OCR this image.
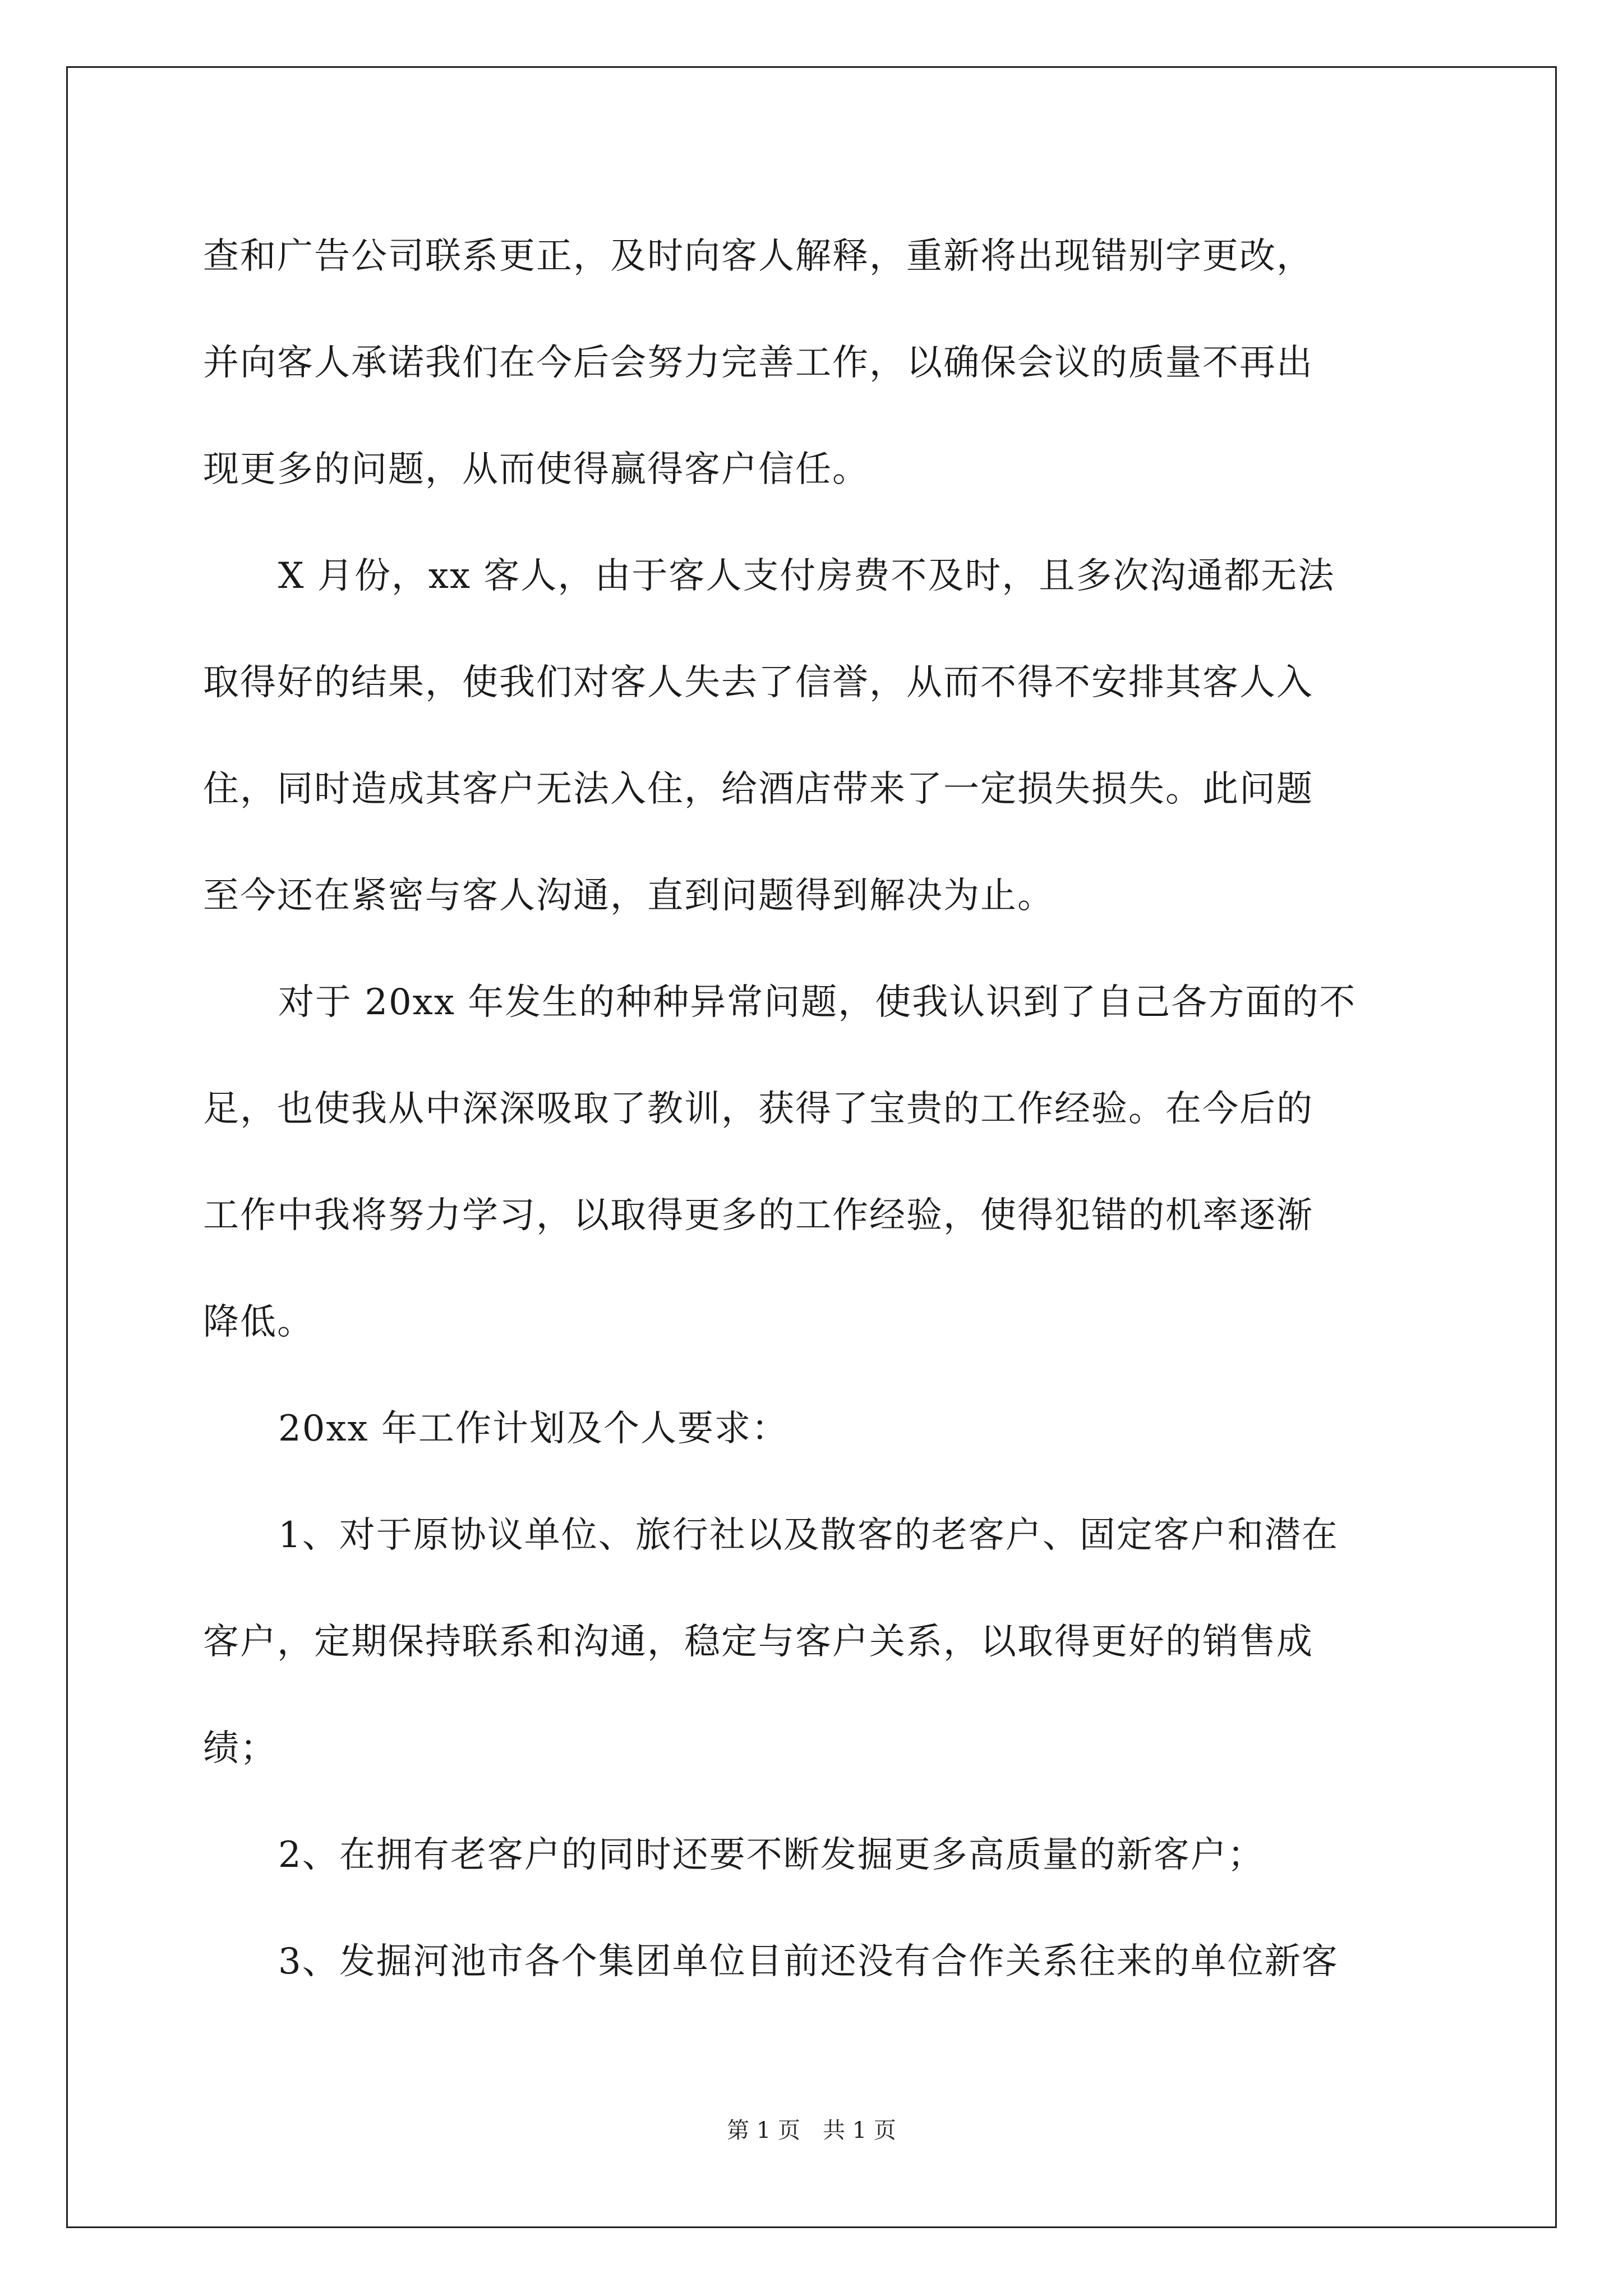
查和广告公司联系更正，及时向客人解释，重新将出现错别字更改，
并向客人承诺我们在今后会努力完善工作，以确保会议的质量不再出
现更多的问题，从而使得赢得客户信任。
X 月份，xx 客人，由于客人支付房费不及时，且多次沟通都无法
取得好的结果，使我们对客人失去了信誉，从而不得不安排其客人入
住，同时造成其客户无法入住，给酒店带来了一定损失损失。此问题
至今还在紧密与客人沟通，直到问题得到解决为止。
对于 20xx 年发生的种种异常问题，使我认识到了自己各方面的不
足，也使我从中深深吸取了教训，获得了宝贵的工作经验。在今后的
工作中我将努力学习，以取得更多的工作经验，使得犯错的机率逐渐
降低。
20xx 年工作计划及个人要求：
1、对于原协议单位、旅行社以及散客的老客户、固定客户和潜在
客户，定期保持联系和沟通，稳定与客户关系，以取得更好的销售成
绩；
2、在拥有老客户的同时还要不断发掘更多高质量的新客户；
3、发掘河池市各个集团单位目前还没有合作关系往来的单位新客
第 1 页　共 1 页
